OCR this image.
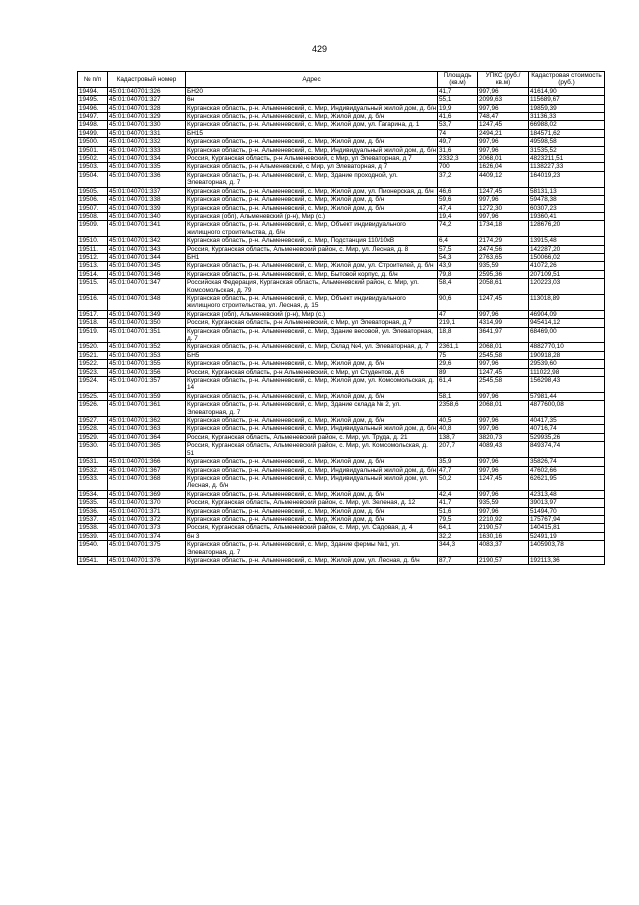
429
№ п/п	Кадастровый номер	Адрес	Площадь (кв.м)	УПКС (руб./кв.м)	Кадастровая стоимость (руб.)
19494.	45:01:040701:326	БН20	41,7	997,96	41614,90
19495.	45:01:040701:327	6н	55,1	2099,63	115689,67
19496.	45:01:040701:328	Курганская область, р-н. Альменевский, с. Мир, Индивидуальный жилой дом, д. б/н	19,9	997,96	19859,39
19497.	45:01:040701:329	Курганская область, р-н. Альменевский, с. Мир, Жилой дом, д. б/н	41,6	748,47	31136,33
19498.	45:01:040701:330	Курганская область, р-н. Альменевский, с. Мир, Жилой дом, ул. Гагарина, д. 1	53,7	1247,45	66988,02
19499.	45:01:040701:331	БН15	74	2494,21	184571,62
19500.	45:01:040701:332	Курганская область, р-н. Альменевский, с. Мир, Жилой дом, д. б/н	49,7	997,96	49598,58
19501.	45:01:040701:333	Курганская область, р-н. Альменевский, с. Мир, Индивидуальный жилой дом, д. б/н	31,6	997,96	31535,52
19502.	45:01:040701:334	Россия, Курганская область, р-н Альменевский, с Мир, ул Элеваторная, д 7	2332,3	2068,01	4823211,51
19503.	45:01:040701:335	Курганская область, р-н Альменевский, с Мир, ул Элеваторная, д 7	700	1626,04	1138227,33
19504.	45:01:040701:336	Курганская область, р-н. Альменевский, с. Мир, Здание проходной, ул. Элеваторная, д. 7	37,2	4409,12	164019,23
19505.	45:01:040701:337	Курганская область, р-н. Альменевский, с. Мир, Жилой дом, ул. Пионерская, д. б/н	46,6	1247,45	58131,13
19506.	45:01:040701:338	Курганская область, р-н. Альменевский, с. Мир, Жилой дом, д. б/н	59,6	997,96	59478,38
19507.	45:01:040701:339	Курганская область, р-н. Альменевский, с. Мир, Жилой дом, д. б/н	47,4	1272,30	60307,23
19508.	45:01:040701:340	Курганская (обл), Альменевский (р-н), Мир (с.)	19,4	997,96	19360,41
19509.	45:01:040701:341	Курганская область, р-н. Альменевский, с. Мир, Объект индивидуального жилищного строительства, д. б/н	74,2	1734,18	128676,20
19510.	45:01:040701:342	Курганская область, р-н. Альменевский, с. Мир, Подстанция 110/10кВ	6,4	2174,29	13915,48
19511.	45:01:040701:343	Россия, Курганская область, Альменевский район, с. Мир, ул. Лесная, д. 8	57,5	2474,56	142287,20
19512.	45:01:040701:344	БН1	54,3	2763,65	150066,02
19513.	45:01:040701:345	Курганская область, р-н. Альменевский, с. Мир, Жилой дом, ул. Строителей, д. б/н	43,9	935,59	41072,26
19514.	45:01:040701:346	Курганская область, р-н. Альменевский, с. Мир, Бытовой корпус, д. б/н	79,8	2595,36	207109,51
19515.	45:01:040701:347	Российская Федерация, Курганская область, Альменевский район, с. Мир, ул. Комсомольская, д. 79	58,4	2058,61	120223,03
19516.	45:01:040701:348	Курганская область, р-н. Альменевский, с. Мир, Объект индивидуального жилищного строительства, ул. Лесная, д. 15	90,6	1247,45	113018,89
19517.	45:01:040701:349	Курганская (обл), Альменевский (р-н), Мир (с.)	47	997,96	46904,09
19518.	45:01:040701:350	Россия, Курганская область, р-н Альменевский, с Мир, ул Элеваторная, д 7	219,1	4314,99	945414,12
19519.	45:01:040701:351	Курганская область, р-н. Альменевский, с. Мир, Здание весовой, ул. Элеваторная, д. 7	18,8	3641,97	68469,00
19520.	45:01:040701:352	Курганская область, р-н. Альменевский, с. Мир, Склад №4, ул. Элеваторная, д. 7	2361,1	2068,01	4882770,10
19521.	45:01:040701:353	БН5	75	2545,58	190918,28
19522.	45:01:040701:355	Курганская область, р-н. Альменевский, с. Мир, Жилой дом, д. б/н	29,6	997,96	29539,60
19523.	45:01:040701:356	Россия, Курганская область, р-н Альменевский, с Мир, ул Студентов, д 6	89	1247,45	111022,98
19524.	45:01:040701:357	Курганская область, р-н. Альменевский, с. Мир, Жилой дом, ул. Комсомольская, д. 14	61,4	2545,58	156298,43
19525.	45:01:040701:359	Курганская область, р-н. Альменевский, с. Мир, Жилой дом, д. б/н	58,1	997,96	57981,44
19526.	45:01:040701:361	Курганская область, р-н. Альменевский, с. Мир, Здание склада № 2, ул. Элеваторная, д. 7	2358,6	2068,01	4877600,08
19527.	45:01:040701:362	Курганская область, р-н. Альменевский, с. Мир, Жилой дом, д. б/н	40,5	997,96	40417,35
19528.	45:01:040701:363	Курганская область, р-н. Альменевский, с. Мир, Индивидуальный жилой дом, д. б/н	40,8	997,96	40716,74
19529.	45:01:040701:364	Россия, Курганская область, Альменевский район, с. Мир, ул. Труда, д. 21	138,7	3820,73	529935,26
19530.	45:01:040701:365	Россия, Курганская область, Альменевский район, с. Мир, ул. Комсомольская, д. 51	207,7	4089,43	849374,74
19531.	45:01:040701:366	Курганская область, р-н. Альменевский, с. Мир, Жилой дом, д. б/н	35,9	997,96	35826,74
19532.	45:01:040701:367	Курганская область, р-н. Альменевский, с. Мир, Индивидуальный жилой дом, д. б/н	47,7	997,96	47602,66
19533.	45:01:040701:368	Курганская область, р-н. Альменевский, с. Мир, Индивидуальный жилой дом, ул. Лесная, д. б/н	50,2	1247,45	62621,95
19534.	45:01:040701:369	Курганская область, р-н. Альменевский, с. Мир, Жилой дом, д. б/н	42,4	997,96	42313,48
19535.	45:01:040701:370	Россия, Курганская область, Альменевский район, с. Мир, ул. Зеленая, д. 12	41,7	935,59	39013,97
19536.	45:01:040701:371	Курганская область, р-н. Альменевский, с. Мир, Жилой дом, д. б/н	51,6	997,96	51494,70
19537.	45:01:040701:372	Курганская область, р-н. Альменевский, с. Мир, Жилой дом, д. б/н	79,5	2210,92	175767,94
19538.	45:01:040701:373	Россия, Курганская область, Альменевский район, с. Мир, ул. Садовая, д. 4	64,1	2190,57	140415,81
19539.	45:01:040701:374	6н 3	32,2	1630,16	52491,19
19540.	45:01:040701:375	Курганская область, р-н. Альменевский, с. Мир, Здание фермы №1, ул. Элеваторная, д. 7	344,3	4083,37	1405903,78
19541.	45:01:040701:376	Курганская область, р-н. Альменевский, с. Мир, Жилой дом, ул. Лесная, д. б/н	87,7	2190,57	192113,36
